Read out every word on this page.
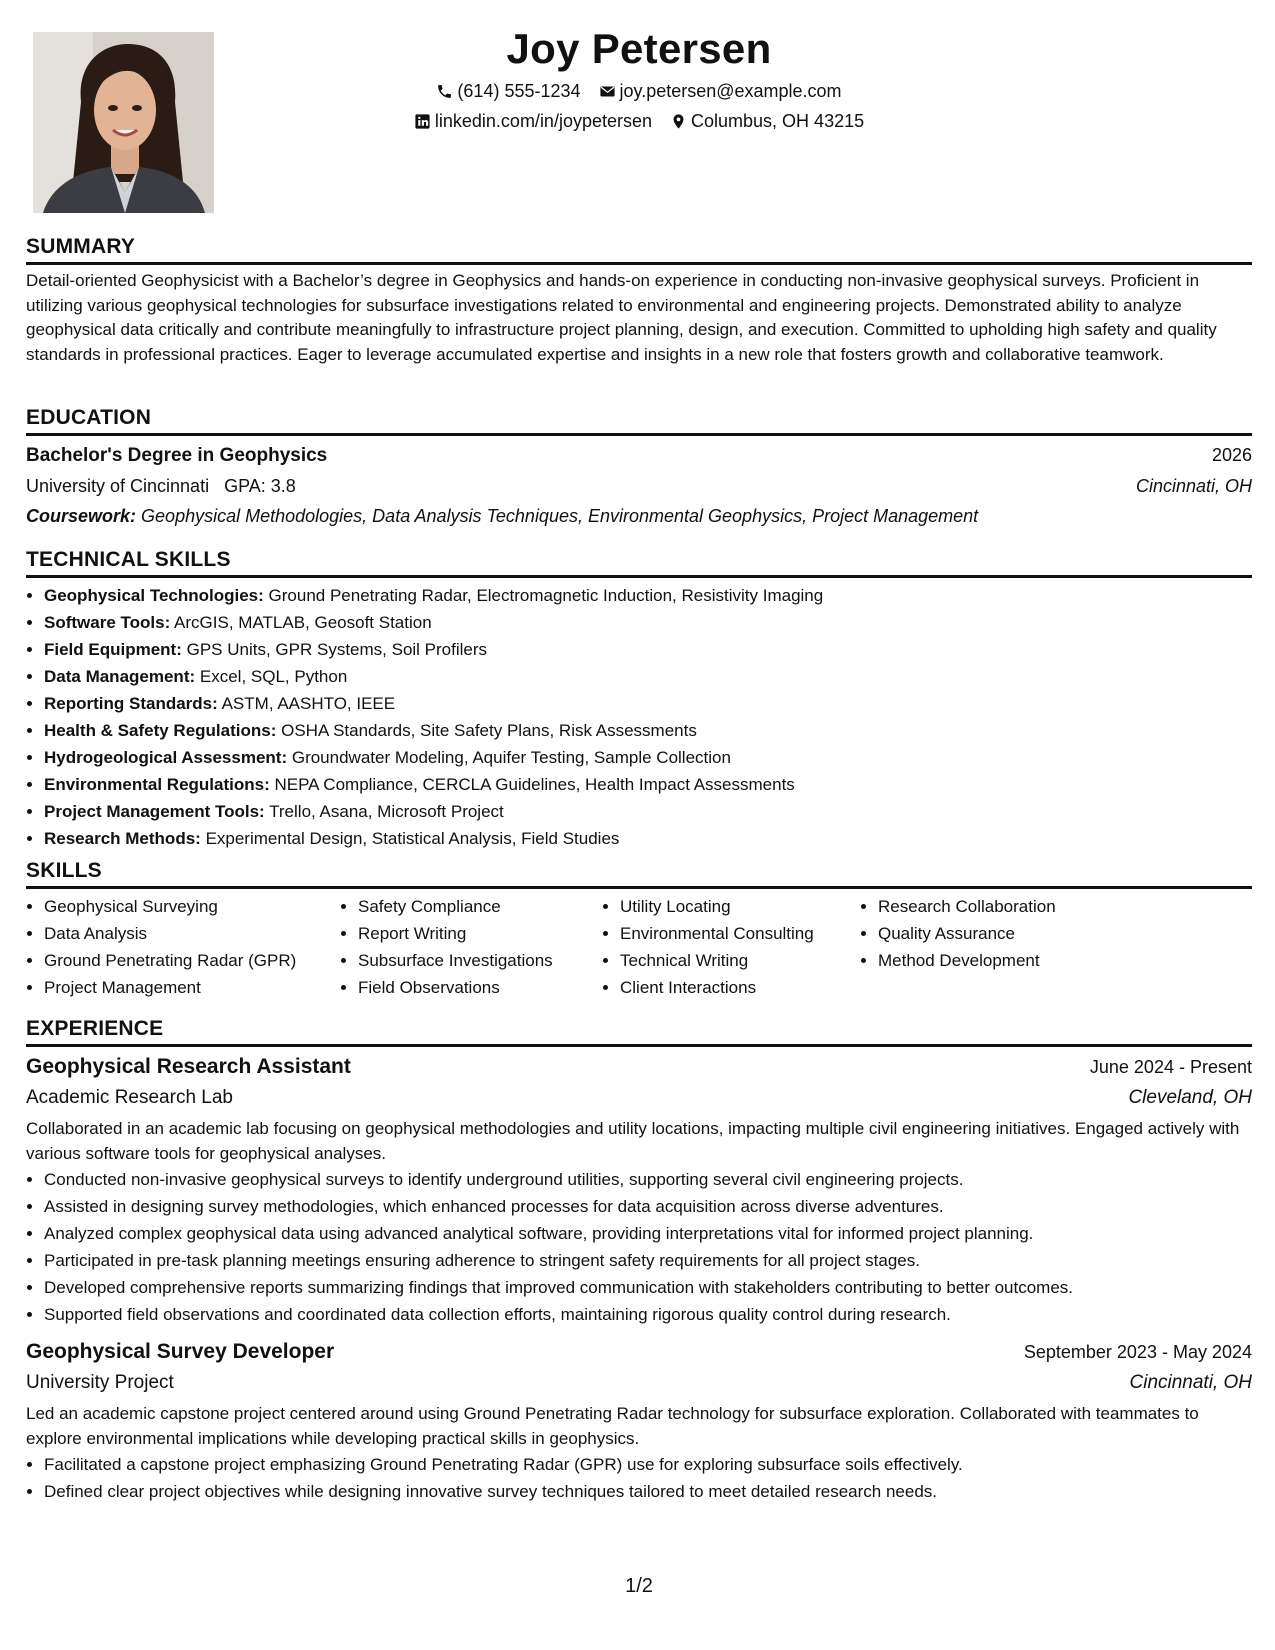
Joy Petersen
(614) 555-1234 joy.petersen@example.com
linkedin.com/in/joypetersen Columbus, OH 43215
SUMMARY

Detail-oriented Geophysicist with a Bachelor’s degree in Geophysics and hands-on experience in conducting non-invasive geophysical surveys. Proficient in utilizing various geophysical technologies for subsurface investigations related to environmental and engineering projects. Demonstrated ability to analyze geophysical data critically and contribute meaningfully to infrastructure project planning, design, and execution. Committed to upholding high safety and quality standards in professional practices. Eager to leverage accumulated expertise and insights in a new role that fosters growth and collaborative teamwork.

EDUCATION
Bachelor's Degree in Geophysics	2026
University of Cincinnati GPA: 3.8	Cincinnati, OH
Coursework: Geophysical Methodologies, Data Analysis Techniques, Environmental Geophysics, Project Management
TECHNICAL SKILLS
• Geophysical Technologies: Ground Penetrating Radar, Electromagnetic Induction, Resistivity Imaging
• Software Tools: ArcGIS, MATLAB, Geosoft Station
• Field Equipment: GPS Units, GPR Systems, Soil Profilers
• Data Management: Excel, SQL, Python
• Reporting Standards: ASTM, AASHTO, IEEE
• Health & Safety Regulations: OSHA Standards, Site Safety Plans, Risk Assessments
• Hydrogeological Assessment: Groundwater Modeling, Aquifer Testing, Sample Collection
• Environmental Regulations: NEPA Compliance, CERCLA Guidelines, Health Impact Assessments
• Project Management Tools: Trello, Asana, Microsoft Project
• Research Methods: Experimental Design, Statistical Analysis, Field Studies
SKILLS
• Geophysical Surveying
• Data Analysis
• Ground Penetrating Radar (GPR)
• Project Management
• Safety Compliance
• Report Writing
• Subsurface Investigations
• Field Observations
• Utility Locating
• Environmental Consulting
• Technical Writing
• Client Interactions
• Research Collaboration
• Quality Assurance
• Method Development
EXPERIENCE
Geophysical Research Assistant	June 2024 - Present
Academic Research Lab	Cleveland, OH

Collaborated in an academic lab focusing on geophysical methodologies and utility locations, impacting multiple civil engineering initiatives. Engaged actively with various software tools for geophysical analyses.

• Conducted non-invasive geophysical surveys to identify underground utilities, supporting several civil engineering projects.
• Assisted in designing survey methodologies, which enhanced processes for data acquisition across diverse adventures.
• Analyzed complex geophysical data using advanced analytical software, providing interpretations vital for informed project planning.
• Participated in pre-task planning meetings ensuring adherence to stringent safety requirements for all project stages.
• Developed comprehensive reports summarizing findings that improved communication with stakeholders contributing to better outcomes.
• Supported field observations and coordinated data collection efforts, maintaining rigorous quality control during research.
Geophysical Survey Developer	September 2023 - May 2024
University Project	Cincinnati, OH

Led an academic capstone project centered around using Ground Penetrating Radar technology for subsurface exploration. Collaborated with teammates to explore environmental implications while developing practical skills in geophysics.

• Facilitated a capstone project emphasizing Ground Penetrating Radar (GPR) use for exploring subsurface soils effectively.
• Defined clear project objectives while designing innovative survey techniques tailored to meet detailed research needs.
1/2
